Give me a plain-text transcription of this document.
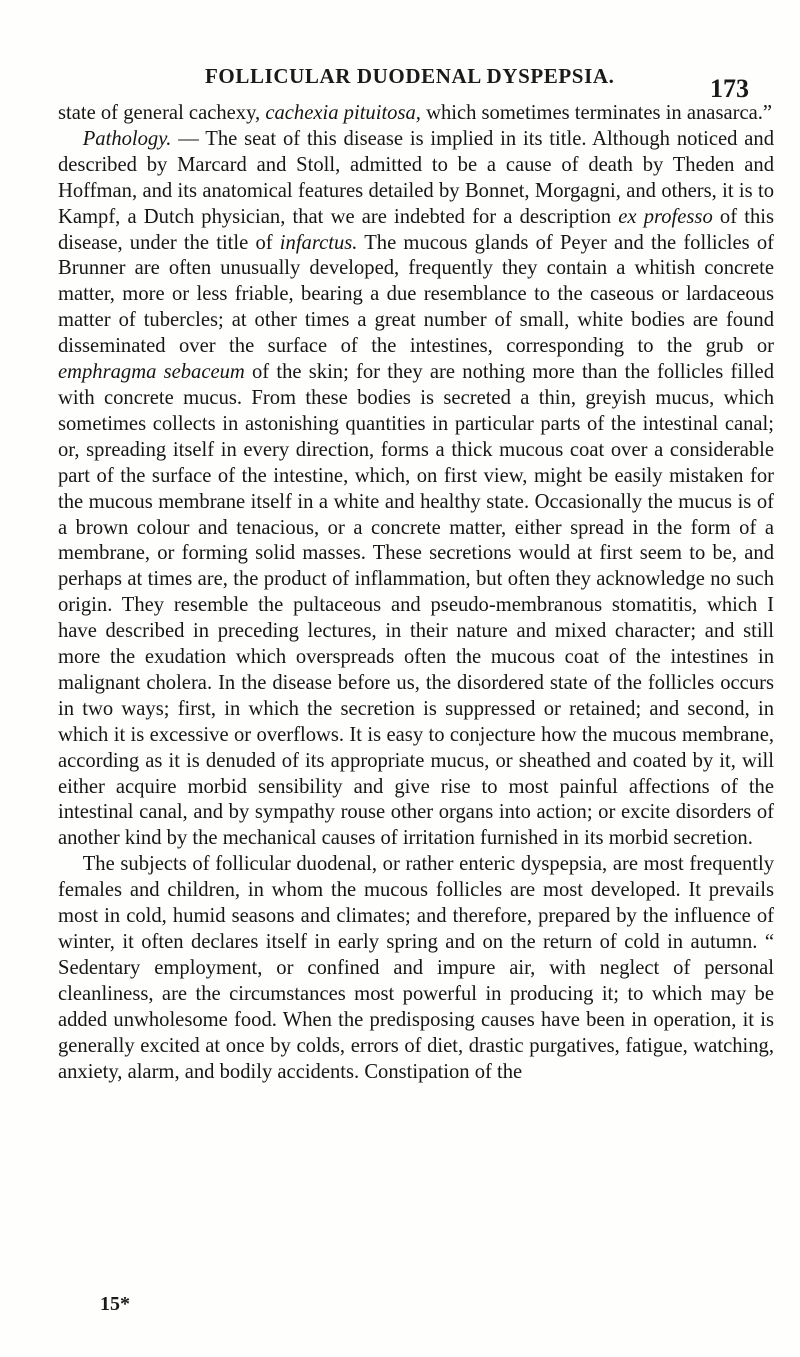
FOLLICULAR DUODENAL DYSPEPSIA.	173

state of general cachexy, cachexia pituitosa, which sometimes terminates in anasarca.”

Pathology. — The seat of this disease is implied in its title. Although noticed and described by Marcard and Stoll, admitted to be a cause of death by Theden and Hoffman, and its anatomical features detailed by Bonnet, Morgagni, and others, it is to Kampf, a Dutch physician, that we are indebted for a description ex professo of this disease, under the title of infarctus. The mucous glands of Peyer and the follicles of Brunner are often unusually developed, frequently they contain a whitish concrete matter, more or less friable, bearing a due resemblance to the caseous or lardaceous matter of tubercles; at other times a great number of small, white bodies are found disseminated over the surface of the intestines, corresponding to the grub or emphragma sebaceum of the skin; for they are nothing more than the follicles filled with concrete mucus. From these bodies is secreted a thin, greyish mucus, which sometimes collects in astonishing quantities in particular parts of the intestinal canal; or, spreading itself in every direction, forms a thick mucous coat over a considerable part of the surface of the intestine, which, on first view, might be easily mistaken for the mucous membrane itself in a white and healthy state. Occasionally the mucus is of a brown colour and tenacious, or a concrete matter, either spread in the form of a membrane, or forming solid masses. These secretions would at first seem to be, and perhaps at times are, the product of inflammation, but often they acknowledge no such origin. They resemble the pultaceous and pseudo-membranous stomatitis, which I have described in preceding lectures, in their nature and mixed character; and still more the exudation which overspreads often the mucous coat of the intestines in malignant cholera. In the disease before us, the disordered state of the follicles occurs in two ways; first, in which the secretion is suppressed or retained; and second, in which it is excessive or overflows. It is easy to conjecture how the mucous membrane, according as it is denuded of its appropriate mucus, or sheathed and coated by it, will either acquire morbid sensibility and give rise to most painful affections of the intestinal canal, and by sympathy rouse other organs into action; or excite disorders of another kind by the mechanical causes of irritation furnished in its morbid secretion.

The subjects of follicular duodenal, or rather enteric dyspepsia, are most frequently females and children, in whom the mucous follicles are most developed. It prevails most in cold, humid seasons and climates; and therefore, prepared by the influence of winter, it often declares itself in early spring and on the return of cold in autumn. “ Sedentary employment, or confined and impure air, with neglect of personal cleanliness, are the circumstances most powerful in producing it; to which may be added unwholesome food. When the predisposing causes have been in operation, it is generally excited at once by colds, errors of diet, drastic purgatives, fatigue, watching, anxiety, alarm, and bodily accidents. Constipation of the

15*
